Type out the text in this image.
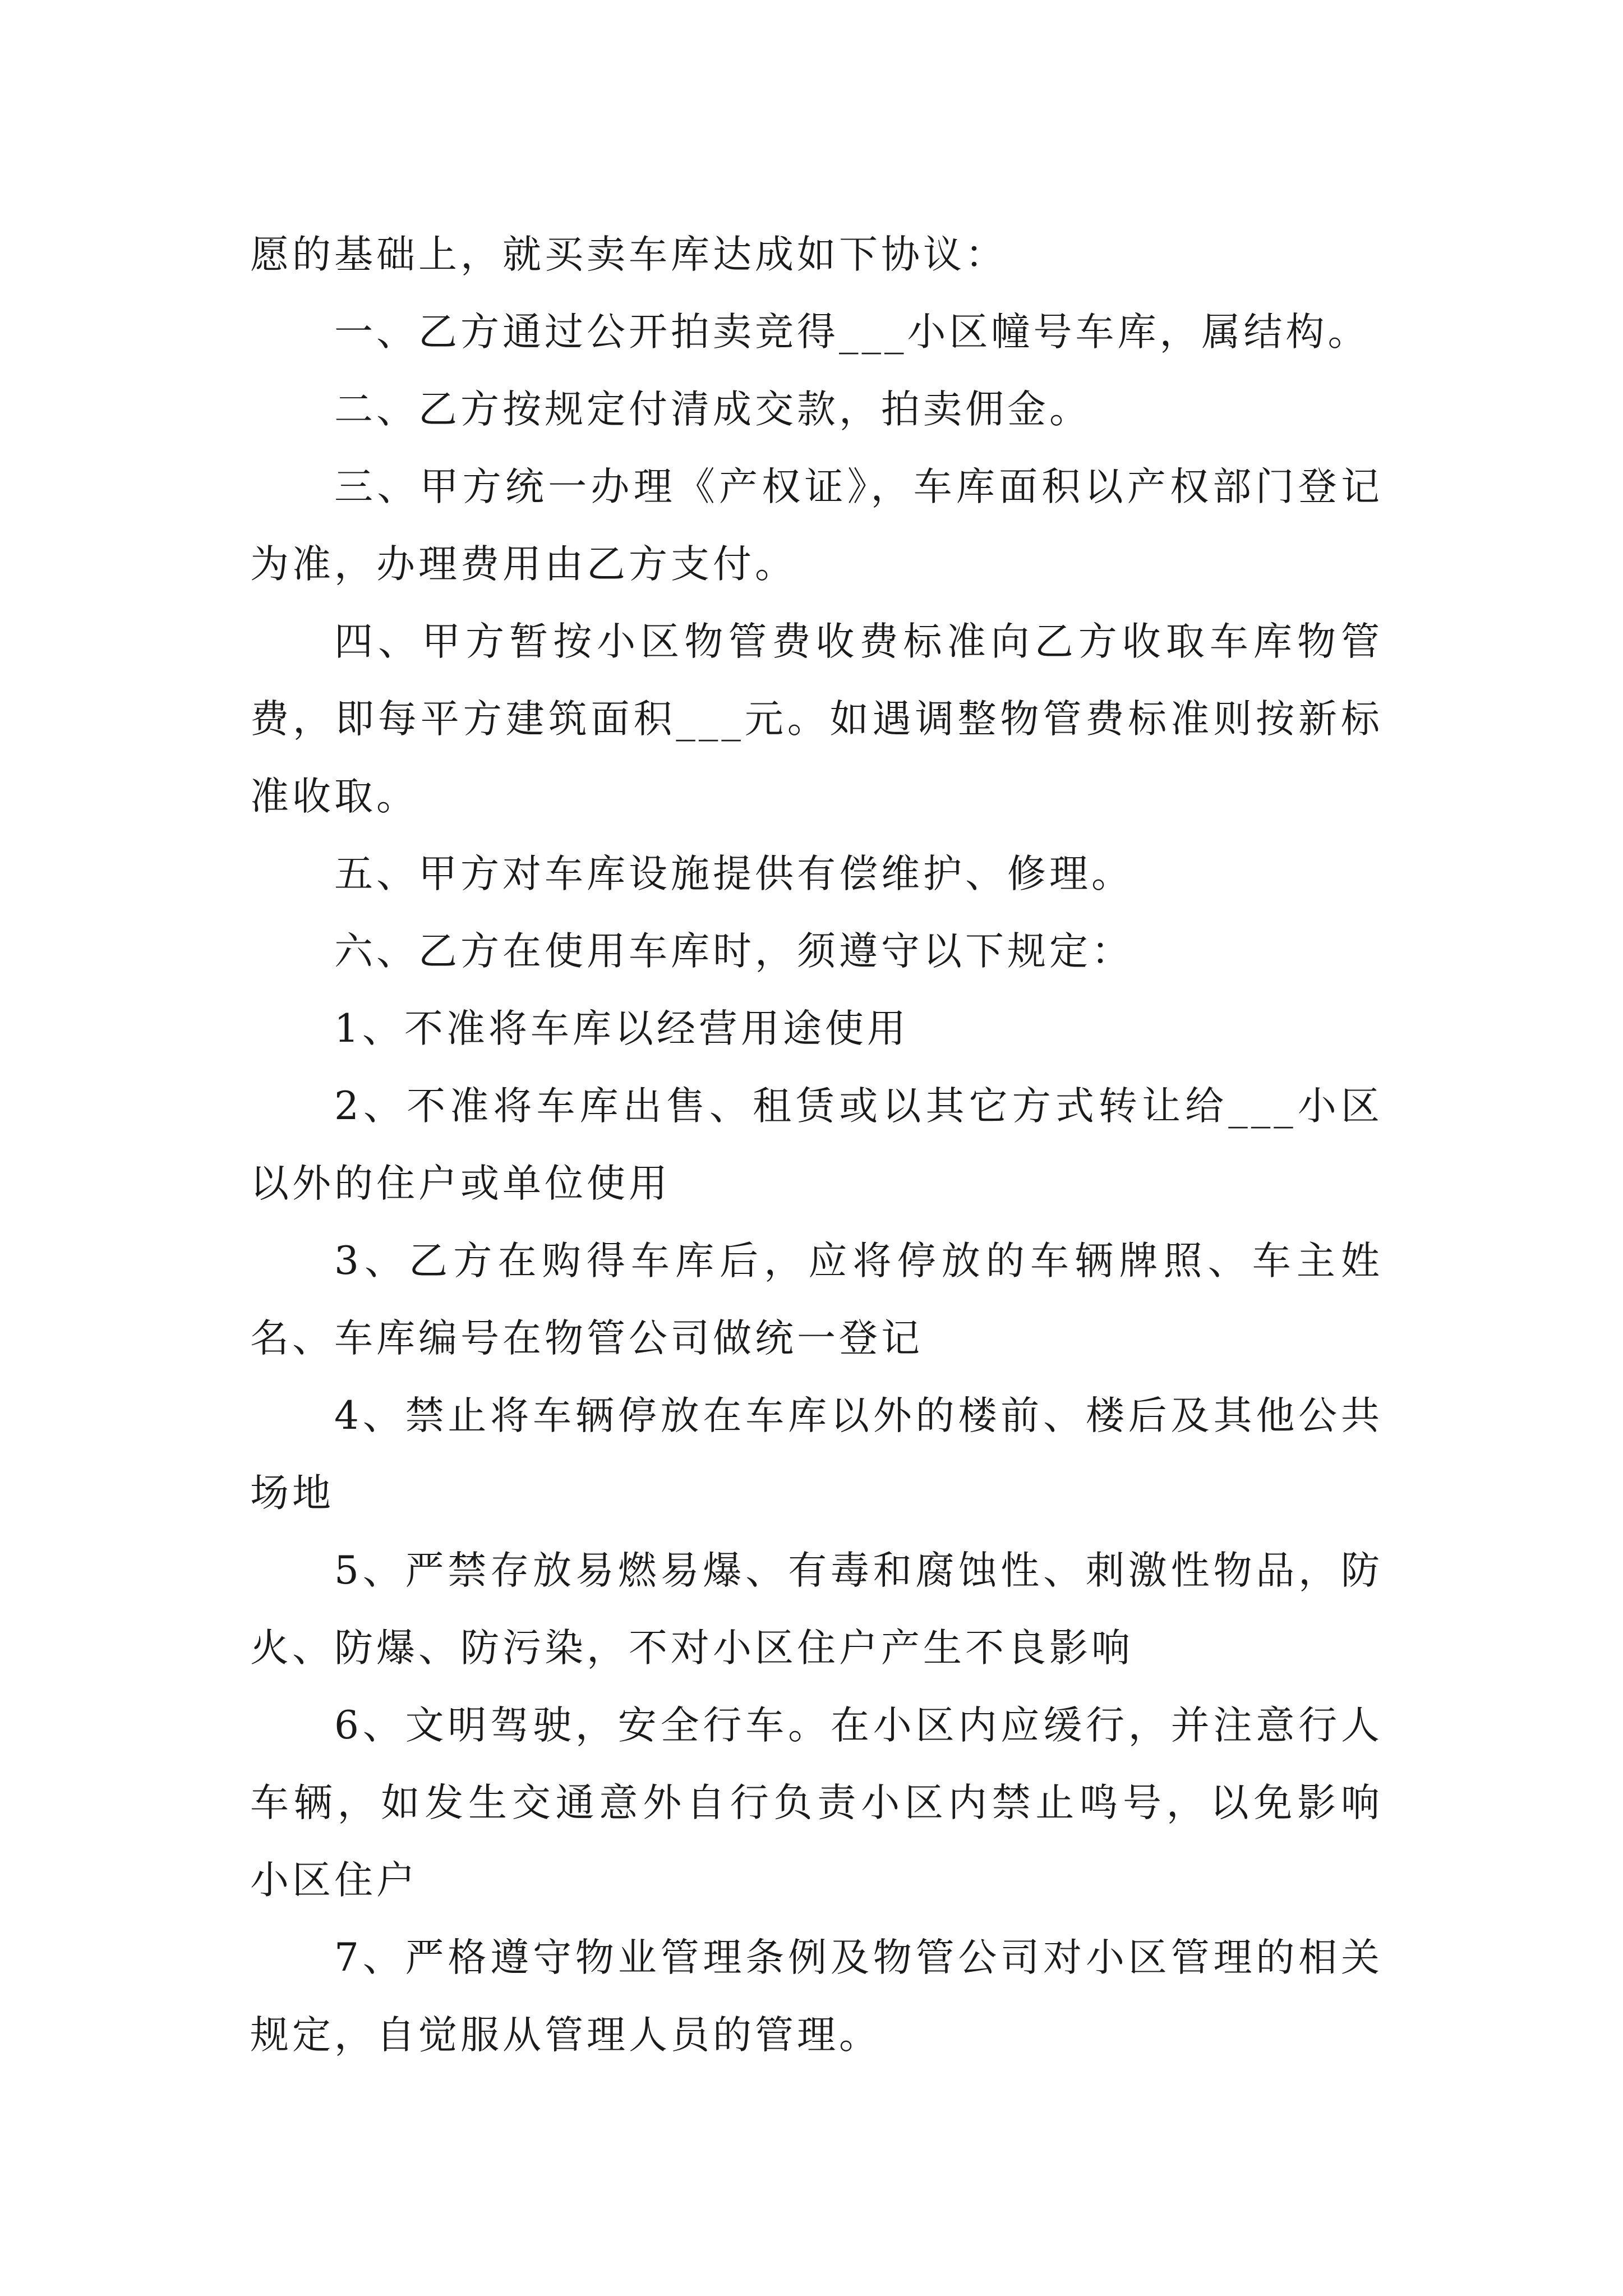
愿的基础上，就买卖车库达成如下协议：

一、乙方通过公开拍卖竞得___小区幢号车库，属结构。

二、乙方按规定付清成交款，拍卖佣金。

三、甲方统一办理《产权证》，车库面积以产权部门登记为准，办理费用由乙方支付。

四、甲方暂按小区物管费收费标准向乙方收取车库物管费，即每平方建筑面积___元。如遇调整物管费标准则按新标准收取。

五、甲方对车库设施提供有偿维护、修理。

六、乙方在使用车库时，须遵守以下规定：

1、不准将车库以经营用途使用

2、不准将车库出售、租赁或以其它方式转让给___小区以外的住户或单位使用

3、乙方在购得车库后，应将停放的车辆牌照、车主姓名、车库编号在物管公司做统一登记

4、禁止将车辆停放在车库以外的楼前、楼后及其他公共场地

5、严禁存放易燃易爆、有毒和腐蚀性、刺激性物品，防火、防爆、防污染，不对小区住户产生不良影响

6、文明驾驶，安全行车。在小区内应缓行，并注意行人车辆，如发生交通意外自行负责小区内禁止鸣号，以免影响小区住户

7、严格遵守物业管理条例及物管公司对小区管理的相关规定，自觉服从管理人员的管理。
